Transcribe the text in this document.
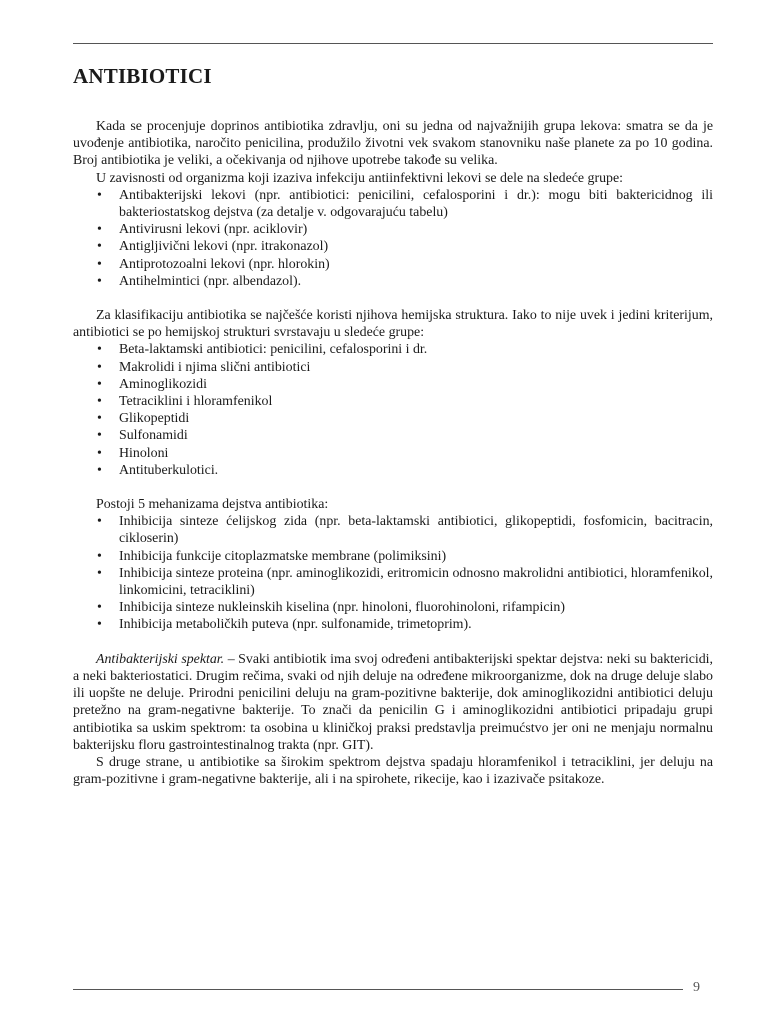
ANTIBIOTICI

Kada se procenjuje doprinos antibiotika zdravlju, oni su jedna od najvažnijih grupa lekova: smatra se da je uvođenje antibiotika, naročito penicilina, produžilo životni vek svakom stanovniku naše planete za po 10 godina. Broj antibiotika je veliki, a očekivanja od njihove upotrebe takođe su velika.

U zavisnosti od organizma koji izaziva infekciju antiinfektivni lekovi se dele na sledeće grupe:

• Antibakterijski lekovi (npr. antibiotici: penicilini, cefalosporini i dr.): mogu biti baktericidnog ili bakteriostatskog dejstva (za detalje v. odgovarajuću tabelu)
• Antivirusni lekovi (npr. aciklovir)
• Antigljivični lekovi (npr. itrakonazol)
• Antiprotozoalni lekovi (npr. hlorokin)
• Antihelmintici (npr. albendazol).

Za klasifikaciju antibiotika se najčešće koristi njihova hemijska struktura. Iako to nije uvek i jedini kriterijum, antibiotici se po hemijskoj strukturi svrstavaju u sledeće grupe:

• Beta-laktamski antibiotici: penicilini, cefalosporini i dr.
• Makrolidi i njima slični antibiotici
• Aminoglikozidi
• Tetraciklini i hloramfenikol
• Glikopeptidi
• Sulfonamidi
• Hinoloni
• Antituberkulotici.

Postoji 5 mehanizama dejstva antibiotika:

• Inhibicija sinteze ćelijskog zida (npr. beta-laktamski antibiotici, glikopeptidi, fosfomicin, bacitracin, cikloserin)
• Inhibicija funkcije citoplazmatske membrane (polimiksini)
• Inhibicija sinteze proteina (npr. aminoglikozidi, eritromicin odnosno makrolidni antibiotici, hloramfenikol, linkomicini, tetraciklini)
• Inhibicija sinteze nukleinskih kiselina (npr. hinoloni, fluorohinoloni, rifampicin)
• Inhibicija metaboličkih puteva (npr. sulfonamide, trimetoprim).

Antibakterijski spektar. – Svaki antibiotik ima svoj određeni antibakterijski spektar dejstva: neki su baktericidi, a neki bakteriostatici. Drugim rečima, svaki od njih deluje na određene mikroorganizme, dok na druge deluje slabo ili uopšte ne deluje. Prirodni penicilini deluju na gram-pozitivne bakterije, dok aminoglikozidni antibiotici deluju pretežno na gram-negativne bakterije. To znači da penicilin G i aminoglikozidni antibiotici pripadaju grupi antibiotika sa uskim spektrom: ta osobina u kliničkoj praksi predstavlja preimućstvo jer oni ne menjaju normalnu bakterijsku floru gastrointestinalnog trakta (npr. GIT).

S druge strane, u antibiotike sa širokim spektrom dejstva spadaju hloramfenikol i tetraciklini, jer deluju na gram-pozitivne i gram-negativne bakterije, ali i na spirohete, rikecije, kao i izazivače psitakoze.

9
